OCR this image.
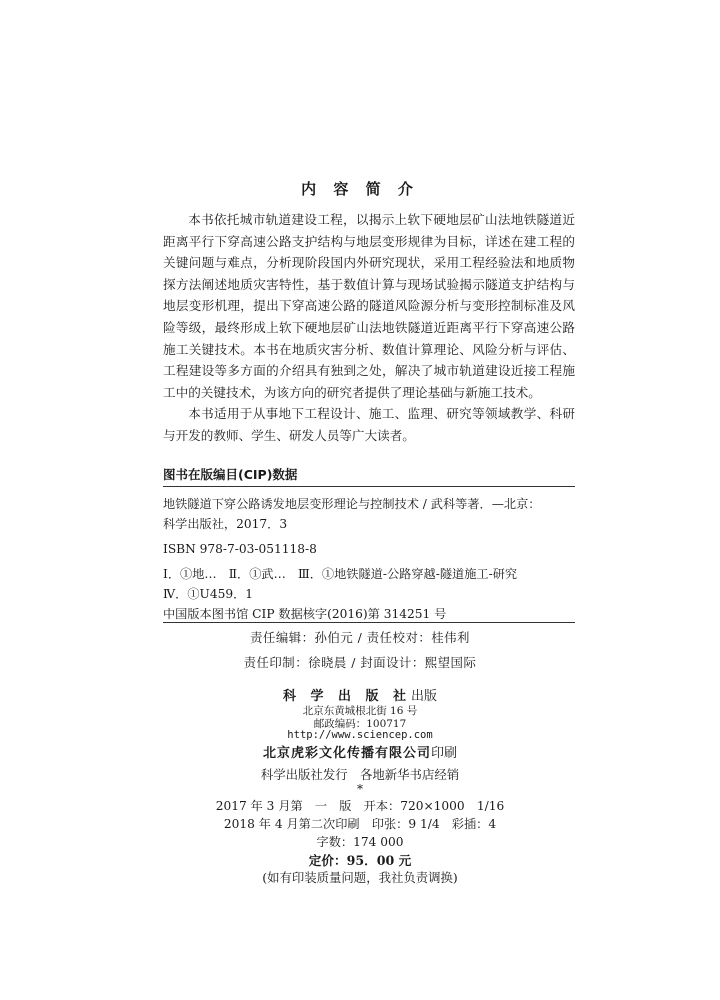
内 容 简 介

本书依托城市轨道建设工程，以揭示上软下硬地层矿山法地铁隧道近距离平行下穿高速公路支护结构与地层变形规律为目标，详述在建工程的关键问题与难点，分析现阶段国内外研究现状，采用工程经验法和地质物探方法阐述地质灾害特性，基于数值计算与现场试验揭示隧道支护结构与地层变形机理，提出下穿高速公路的隧道风险源分析与变形控制标准及风险等级，最终形成上软下硬地层矿山法地铁隧道近距离平行下穿高速公路施工关键技术。本书在地质灾害分析、数值计算理论、风险分析与评估、工程建设等多方面的介绍具有独到之处，解决了城市轨道建设近接工程施工中的关键技术，为该方向的研究者提供了理论基础与新施工技术。

本书适用于从事地下工程设计、施工、监理、研究等领域教学、科研与开发的教师、学生、研发人员等广大读者。

图书在版编目(CIP)数据
地铁隧道下穿公路诱发地层变形理论与控制技术 / 武科等著．—北京：
科学出版社，2017．3
ISBN 978-7-03-051118-8
Ⅰ．①地…　Ⅱ．①武…　Ⅲ．①地铁隧道-公路穿越-隧道施工-研究
Ⅳ．①U459．1
中国版本图书馆 CIP 数据核字(2016)第 314251 号
责任编辑：孙伯元 / 责任校对：桂伟利
责任印制：徐晓晨 / 封面设计：熙望国际
科 学 出 版 社出版
北京东黄城根北街 16 号
邮政编码：100717
http://www.sciencep.com
北京虎彩文化传播有限公司印刷
科学出版社发行　各地新华书店经销
*
2017 年 3 月第　一　版　开本：720×1000　1/16
2018 年 4 月第二次印刷　印张：9 1/4　彩插：4
字数：174 000
定价：95．00 元
(如有印装质量问题，我社负责调换)
